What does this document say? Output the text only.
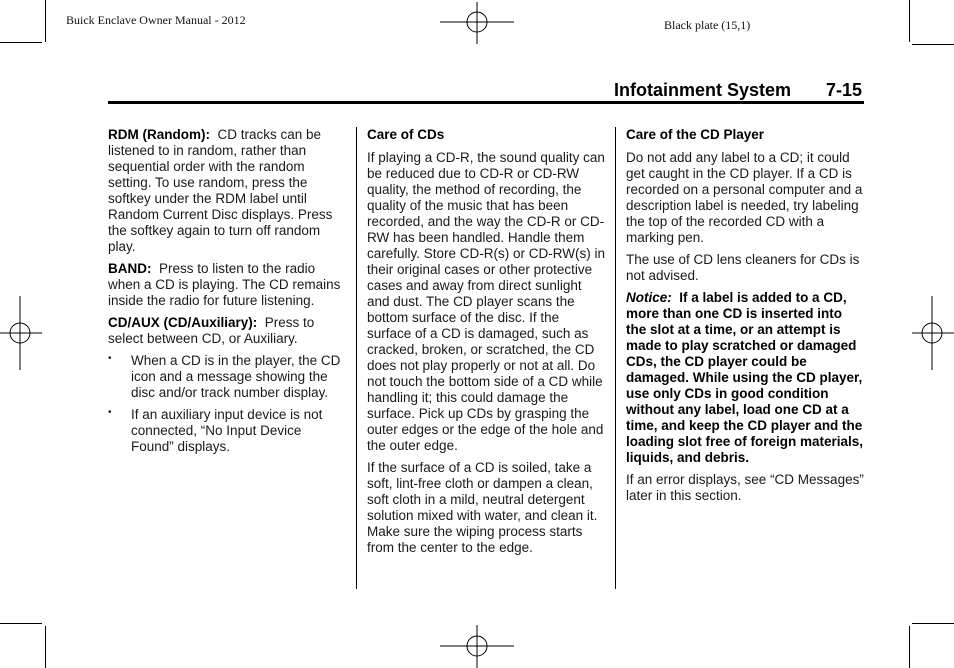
Buick Enclave Owner Manual - 2012	Black plate (15,1)
Infotainment System 7-15

RDM (Random): CD tracks can be listened to in random, rather than sequential order with the random setting. To use random, press the softkey under the RDM label until Random Current Disc displays. Press the softkey again to turn off random play.

BAND: Press to listen to the radio when a CD is playing. The CD remains inside the radio for future listening.

CD/AUX (CD/Auxiliary): Press to select between CD, or Auxiliary.

• When a CD is in the player, the CD icon and a message showing the disc and/or track number display.
• If an auxiliary input device is not connected, “No Input Device Found” displays.

Care of CDs

If playing a CD-R, the sound quality can be reduced due to CD-R or CD-RW quality, the method of recording, the quality of the music that has been recorded, and the way the CD-R or CD-RW has been handled. Handle them carefully. Store CD-R(s) or CD-RW(s) in their original cases or other protective cases and away from direct sunlight and dust. The CD player scans the bottom surface of the disc. If the surface of a CD is damaged, such as cracked, broken, or scratched, the CD does not play properly or not at all. Do not touch the bottom side of a CD while handling it; this could damage the surface. Pick up CDs by grasping the outer edges or the edge of the hole and the outer edge.

If the surface of a CD is soiled, take a soft, lint-free cloth or dampen a clean, soft cloth in a mild, neutral detergent solution mixed with water, and clean it. Make sure the wiping process starts from the center to the edge.

Care of the CD Player

Do not add any label to a CD; it could get caught in the CD player. If a CD is recorded on a personal computer and a description label is needed, try labeling the top of the recorded CD with a marking pen.

The use of CD lens cleaners for CDs is not advised.

Notice: If a label is added to a CD, more than one CD is inserted into the slot at a time, or an attempt is made to play scratched or damaged CDs, the CD player could be damaged. While using the CD player, use only CDs in good condition without any label, load one CD at a time, and keep the CD player and the loading slot free of foreign materials, liquids, and debris.

If an error displays, see “CD Messages” later in this section.
